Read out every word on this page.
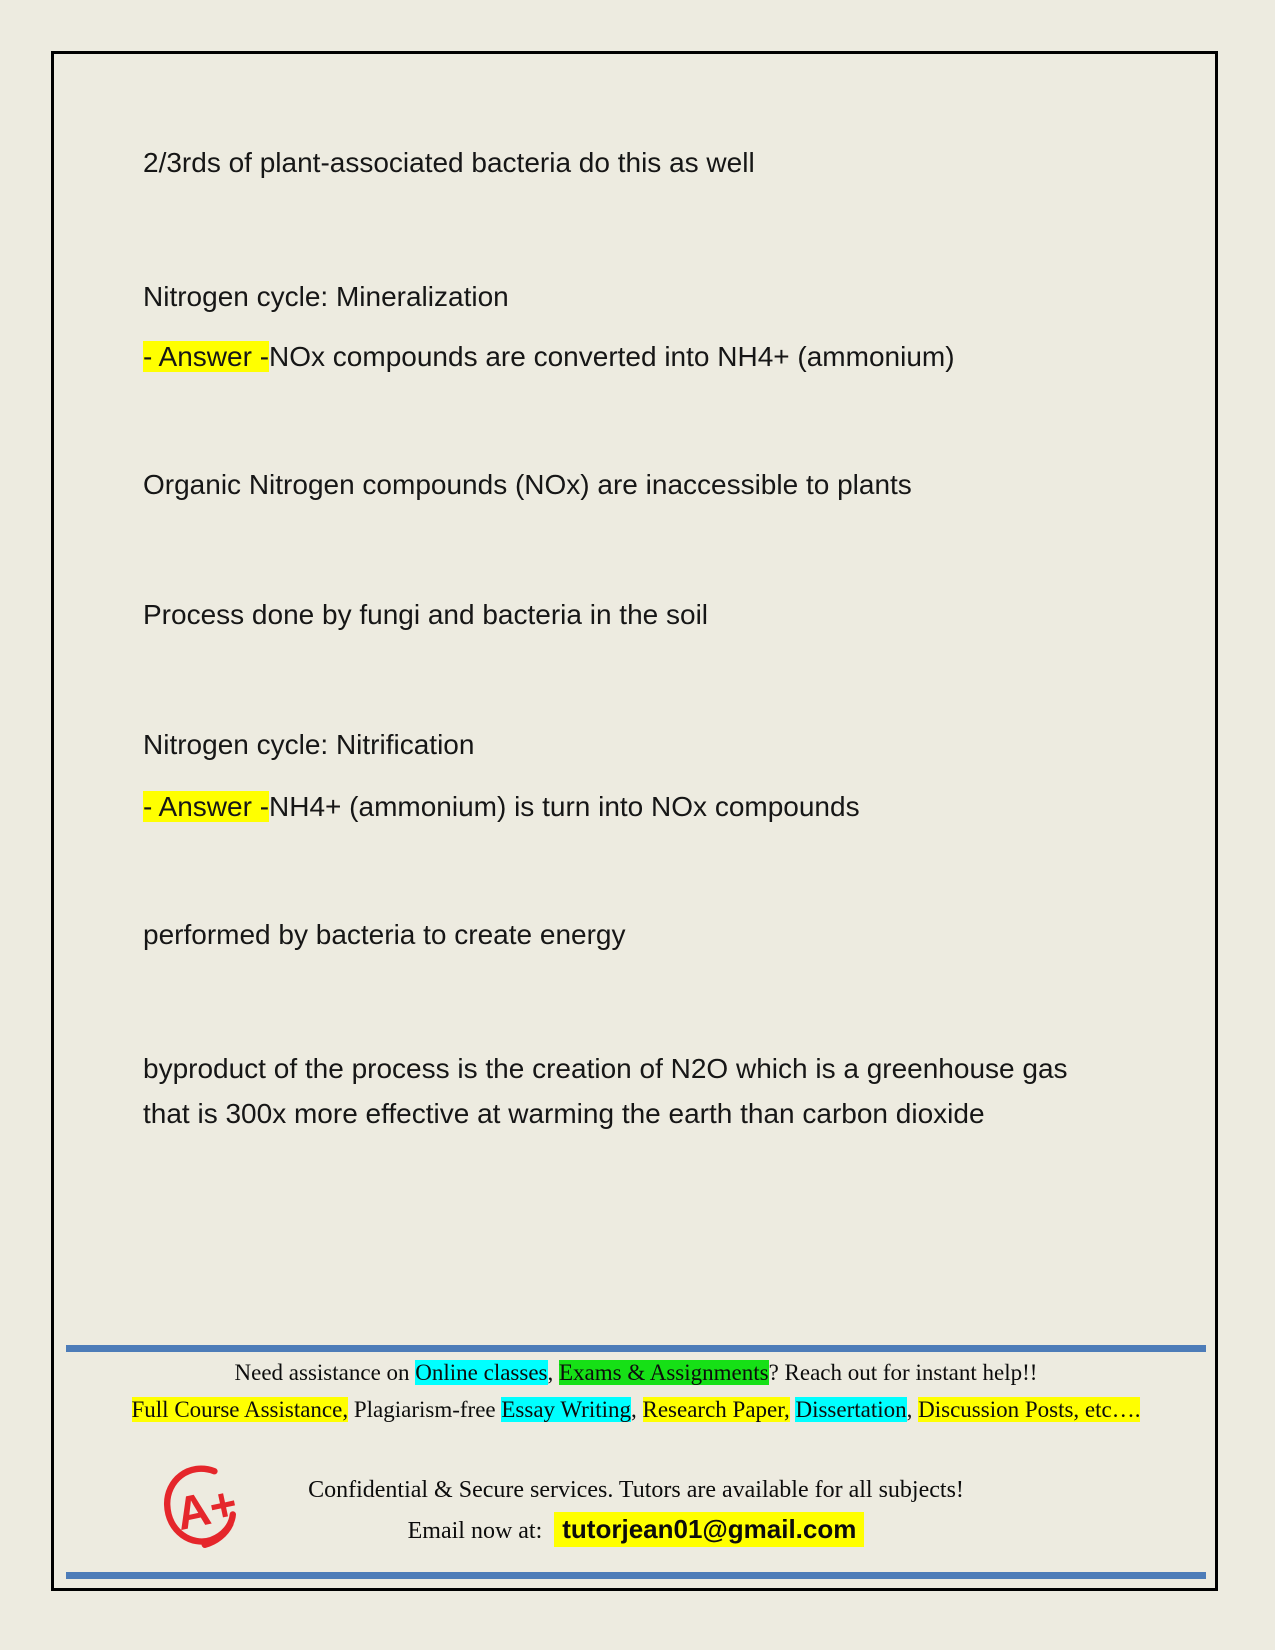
2/3rds of plant-associated bacteria do this as well

Nitrogen cycle: Mineralization

- Answer -NOx compounds are converted into NH4+ (ammonium)

Organic Nitrogen compounds (NOx) are inaccessible to plants

Process done by fungi and bacteria in the soil

Nitrogen cycle: Nitrification

- Answer -NH4+ (ammonium) is turn into NOx compounds

performed by bacteria to create energy

byproduct of the process is the creation of N2O which is a greenhouse gas that is 300x more effective at warming the earth than carbon dioxide

Need assistance on Online classes, Exams & Assignments? Reach out for instant help!!
Full Course Assistance, Plagiarism-free Essay Writing, Research Paper, Dissertation, Discussion Posts, etc….
A+	Confidential & Secure services. Tutors are available for all subjects!
Email now at: tutorjean01@gmail.com
